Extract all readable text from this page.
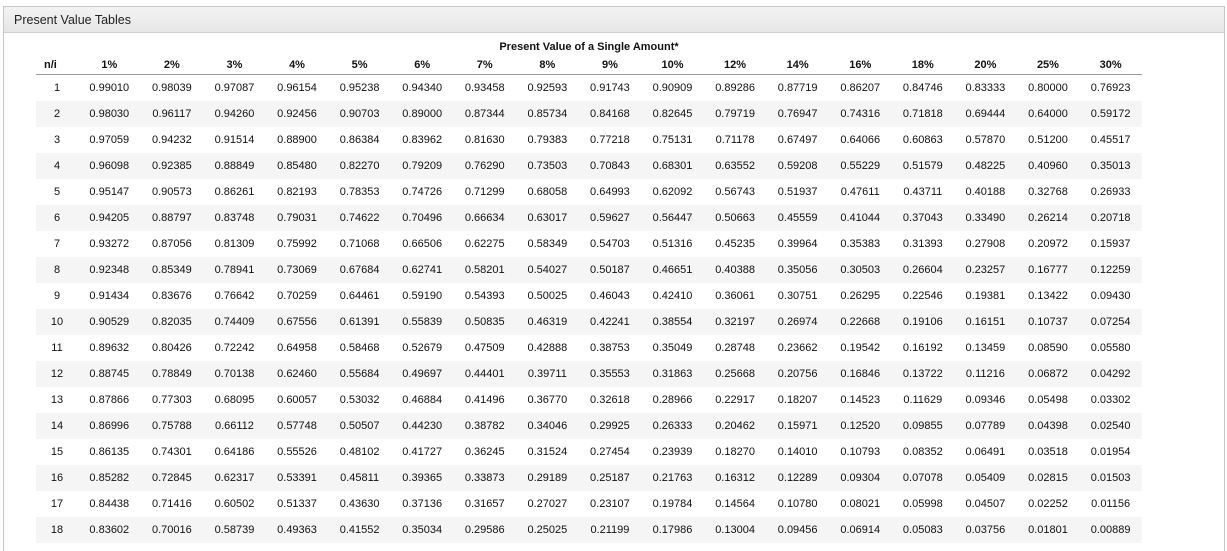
Present Value Tables
Present Value of a Single Amount*
n/i	1%	2%	3%	4%	5%	6%	7%	8%	9%	10%	12%	14%	16%	18%	20%	25%	30%
1	0.99010	0.98039	0.97087	0.96154	0.95238	0.94340	0.93458	0.92593	0.91743	0.90909	0.89286	0.87719	0.86207	0.84746	0.83333	0.80000	0.76923
2	0.98030	0.96117	0.94260	0.92456	0.90703	0.89000	0.87344	0.85734	0.84168	0.82645	0.79719	0.76947	0.74316	0.71818	0.69444	0.64000	0.59172
3	0.97059	0.94232	0.91514	0.88900	0.86384	0.83962	0.81630	0.79383	0.77218	0.75131	0.71178	0.67497	0.64066	0.60863	0.57870	0.51200	0.45517
4	0.96098	0.92385	0.88849	0.85480	0.82270	0.79209	0.76290	0.73503	0.70843	0.68301	0.63552	0.59208	0.55229	0.51579	0.48225	0.40960	0.35013
5	0.95147	0.90573	0.86261	0.82193	0.78353	0.74726	0.71299	0.68058	0.64993	0.62092	0.56743	0.51937	0.47611	0.43711	0.40188	0.32768	0.26933
6	0.94205	0.88797	0.83748	0.79031	0.74622	0.70496	0.66634	0.63017	0.59627	0.56447	0.50663	0.45559	0.41044	0.37043	0.33490	0.26214	0.20718
7	0.93272	0.87056	0.81309	0.75992	0.71068	0.66506	0.62275	0.58349	0.54703	0.51316	0.45235	0.39964	0.35383	0.31393	0.27908	0.20972	0.15937
8	0.92348	0.85349	0.78941	0.73069	0.67684	0.62741	0.58201	0.54027	0.50187	0.46651	0.40388	0.35056	0.30503	0.26604	0.23257	0.16777	0.12259
9	0.91434	0.83676	0.76642	0.70259	0.64461	0.59190	0.54393	0.50025	0.46043	0.42410	0.36061	0.30751	0.26295	0.22546	0.19381	0.13422	0.09430
10	0.90529	0.82035	0.74409	0.67556	0.61391	0.55839	0.50835	0.46319	0.42241	0.38554	0.32197	0.26974	0.22668	0.19106	0.16151	0.10737	0.07254
11	0.89632	0.80426	0.72242	0.64958	0.58468	0.52679	0.47509	0.42888	0.38753	0.35049	0.28748	0.23662	0.19542	0.16192	0.13459	0.08590	0.05580
12	0.88745	0.78849	0.70138	0.62460	0.55684	0.49697	0.44401	0.39711	0.35553	0.31863	0.25668	0.20756	0.16846	0.13722	0.11216	0.06872	0.04292
13	0.87866	0.77303	0.68095	0.60057	0.53032	0.46884	0.41496	0.36770	0.32618	0.28966	0.22917	0.18207	0.14523	0.11629	0.09346	0.05498	0.03302
14	0.86996	0.75788	0.66112	0.57748	0.50507	0.44230	0.38782	0.34046	0.29925	0.26333	0.20462	0.15971	0.12520	0.09855	0.07789	0.04398	0.02540
15	0.86135	0.74301	0.64186	0.55526	0.48102	0.41727	0.36245	0.31524	0.27454	0.23939	0.18270	0.14010	0.10793	0.08352	0.06491	0.03518	0.01954
16	0.85282	0.72845	0.62317	0.53391	0.45811	0.39365	0.33873	0.29189	0.25187	0.21763	0.16312	0.12289	0.09304	0.07078	0.05409	0.02815	0.01503
17	0.84438	0.71416	0.60502	0.51337	0.43630	0.37136	0.31657	0.27027	0.23107	0.19784	0.14564	0.10780	0.08021	0.05998	0.04507	0.02252	0.01156
18	0.83602	0.70016	0.58739	0.49363	0.41552	0.35034	0.29586	0.25025	0.21199	0.17986	0.13004	0.09456	0.06914	0.05083	0.03756	0.01801	0.00889
